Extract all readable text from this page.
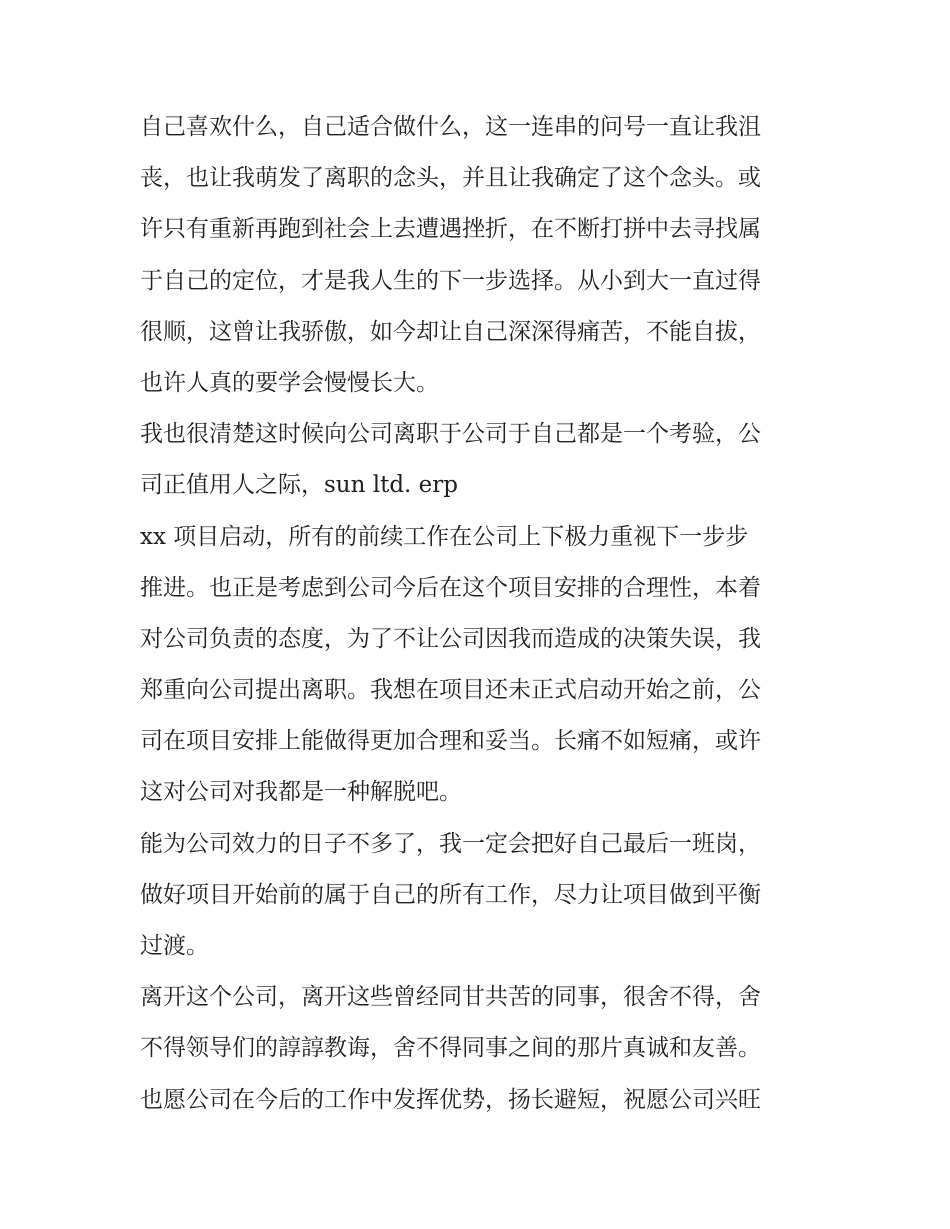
自己喜欢什么，自己适合做什么，这一连串的问号一直让我沮
丧，也让我萌发了离职的念头，并且让我确定了这个念头。或
许只有重新再跑到社会上去遭遇挫折，在不断打拼中去寻找属
于自己的定位，才是我人生的下一步选择。从小到大一直过得
很顺，这曾让我骄傲，如今却让自己深深得痛苦，不能自拔，
也许人真的要学会慢慢长大。
我也很清楚这时候向公司离职于公司于自己都是一个考验，公
司正值用人之际，sun ltd. erp
xx 项目启动，所有的前续工作在公司上下极力重视下一步步
推进。也正是考虑到公司今后在这个项目安排的合理性，本着
对公司负责的态度，为了不让公司因我而造成的决策失误，我
郑重向公司提出离职。我想在项目还未正式启动开始之前，公
司在项目安排上能做得更加合理和妥当。长痛不如短痛，或许
这对公司对我都是一种解脱吧。
能为公司效力的日子不多了，我一定会把好自己最后一班岗，
做好项目开始前的属于自己的所有工作，尽力让项目做到平衡
过渡。
离开这个公司，离开这些曾经同甘共苦的同事，很舍不得，舍
不得领导们的諄諄教诲，舍不得同事之间的那片真诚和友善。
也愿公司在今后的工作中发挥优势，扬长避短，祝愿公司兴旺
